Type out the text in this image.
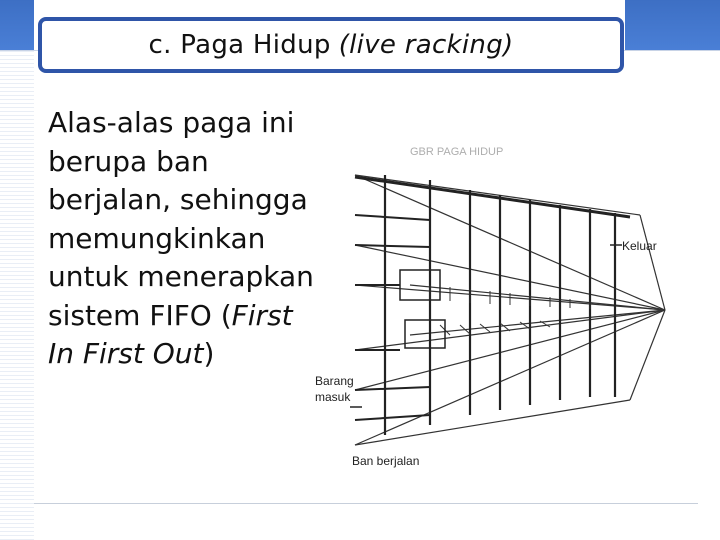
c. Paga Hidup (live racking)
Alas-alas paga ini berupa ban berjalan, sehingga memungkinkan untuk menerapkan sistem FIFO (First In First Out)
GBR PAGA HIDUP
Keluar
Barang
masuk
Ban berjalan
